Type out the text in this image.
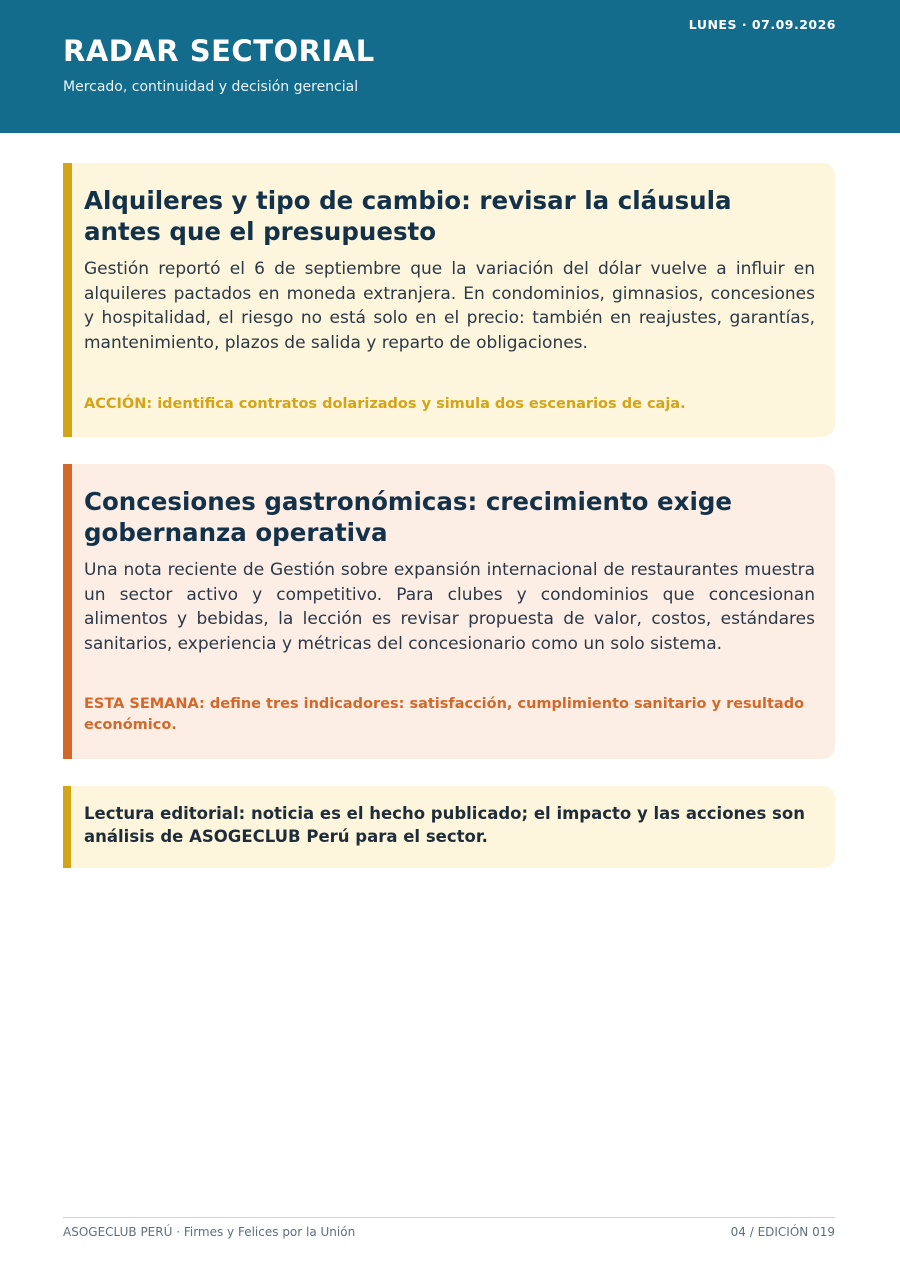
RADAR SECTORIAL
Mercado, continuidad y decisión gerencial
LUNES · 07.09.2026
Alquileres y tipo de cambio: revisar la cláusula antes que el presupuesto

Gestión reportó el 6 de septiembre que la variación del dólar vuelve a influir en alquileres pactados en moneda extranjera. En condominios, gimnasios, concesiones y hospitalidad, el riesgo no está solo en el precio: también en reajustes, garantías, mantenimiento, plazos de salida y reparto de obligaciones.

ACCIÓN: identifica contratos dolarizados y simula dos escenarios de caja.

Concesiones gastronómicas: crecimiento exige gobernanza operativa

Una nota reciente de Gestión sobre expansión internacional de restaurantes muestra un sector activo y competitivo. Para clubes y condominios que concesionan alimentos y bebidas, la lección es revisar propuesta de valor, costos, estándares sanitarios, experiencia y métricas del concesionario como un solo sistema.

ESTA SEMANA: define tres indicadores: satisfacción, cumplimiento sanitario y resultado económico.

Lectura editorial: noticia es el hecho publicado; el impacto y las acciones son análisis de ASOGECLUB Perú para el sector.

ASOGECLUB PERÚ · Firmes y Felices por la Unión	04 / EDICIÓN 019
